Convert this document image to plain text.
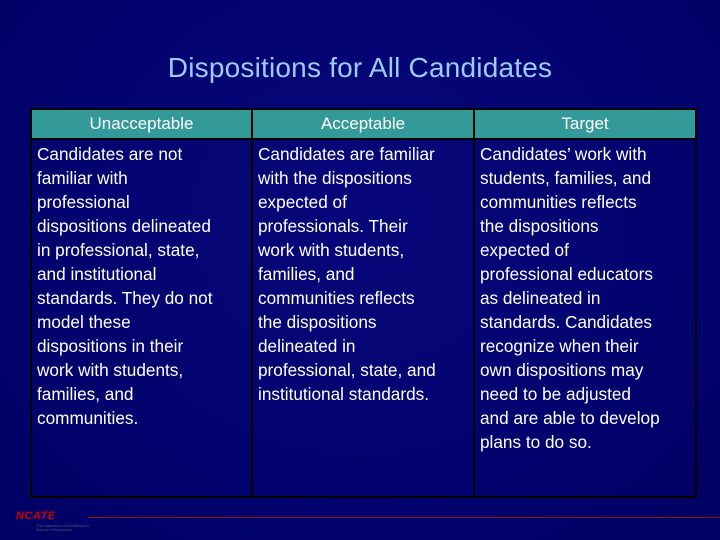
Dispositions for All Candidates
Unacceptable	Acceptable	Target
Candidates are not
familiar with
professional
dispositions delineated
in professional, state,
and institutional
standards. They do not
model these
dispositions in their
work with students,
families, and
communities.
Candidates are familiar
with the dispositions
expected of
professionals. Their
work with students,
families, and
communities reflects
the dispositions
delineated in
professional, state, and
institutional standards.
Candidates’ work with
students, families, and
communities reflects
the dispositions
expected of
professional educators
as delineated in
standards. Candidates
recognize when their
own dispositions may
need to be adjusted
and are able to develop
plans to do so.
NCATE
The Standard of Excellence in Teacher Preparation
